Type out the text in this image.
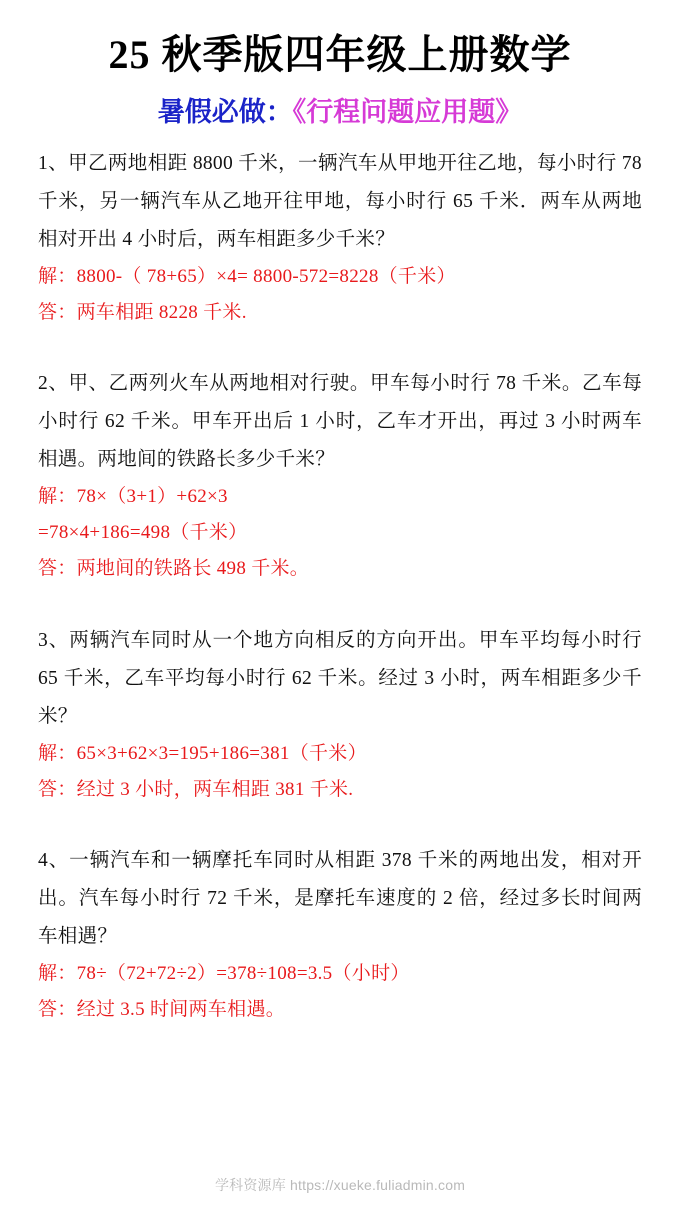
25 秋季版四年级上册数学
暑假必做：《行程问题应用题》
1、甲乙两地相距 8800 千米，一辆汽车从甲地开往乙地，每小时行 78 千米，另一辆汽车从乙地开往甲地，每小时行 65 千米．两车从两地相对开出 4 小时后，两车相距多少千米？
解：8800-（ 78+65）×4= 8800-572=8228（千米）
答：两车相距 8228 千米.
2、甲、乙两列火车从两地相对行驶。甲车每小时行 78 千米。乙车每小时行 62 千米。甲车开出后 1 小时，乙车才开出，再过 3 小时两车相遇。两地间的铁路长多少千米？
解：78×（3+1）+62×3
=78×4+186=498（千米）
答：两地间的铁路长 498 千米。
3、两辆汽车同时从一个地方向相反的方向开出。甲车平均每小时行 65 千米，乙车平均每小时行 62 千米。经过 3 小时，两车相距多少千米？
解：65×3+62×3=195+186=381（千米）
答：经过 3 小时，两车相距 381 千米.
4、一辆汽车和一辆摩托车同时从相距 378 千米的两地出发，相对开出。汽车每小时行 72 千米，是摩托车速度的 2 倍，经过多长时间两车相遇？
解：78÷（72+72÷2）=378÷108=3.5（小时）
答：经过 3.5 时间两车相遇。
学科资源库 https://xueke.fuliadmin.com
